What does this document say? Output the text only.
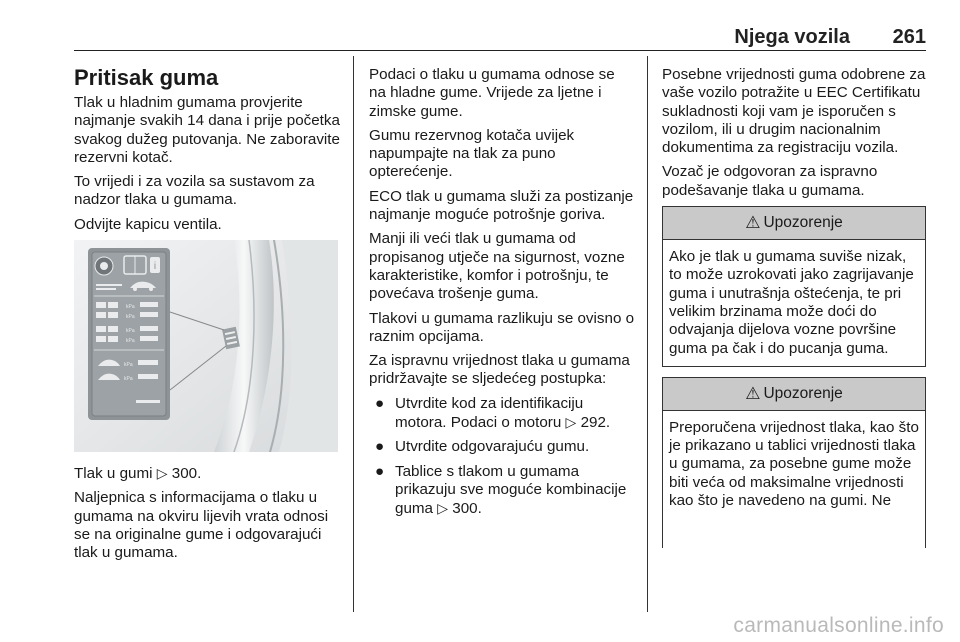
Njega vozila 261
Pritisak guma

Tlak u hladnim gumama provjerite najmanje svakih 14 dana i prije početka svakog dužeg putovanja. Ne zaboravite rezervni kotač.

To vrijedi i za vozila sa sustavom za nadzor tlaka u gumama.

Odvijte kapicu ventila.

i
kPa
kPa
kPa
kPa
kPa
kPa

Tlak u gumi ▷ 300.

Naljepnica s informacijama o tlaku u gumama na okviru lijevih vrata odnosi se na originalne gume i odgovarajući tlak u gumama.

Podaci o tlaku u gumama odnose se na hladne gume. Vrijede za ljetne i zimske gume.

Gumu rezervnog kotača uvijek napumpajte na tlak za puno opterećenje.

ECO tlak u gumama služi za postizanje najmanje moguće potrošnje goriva.

Manji ili veći tlak u gumama od propisanog utječe na sigurnost, vozne karakteristike, komfor i potrošnju, te povećava trošenje guma.

Tlakovi u gumama razlikuju se ovisno o raznim opcijama.

Za ispravnu vrijednost tlaka u gumama pridržavajte se sljedećeg postupka:

● Utvrdite kod za identifikaciju motora. Podaci o motoru ▷ 292.
● Utvrdite odgovarajuću gumu.
● Tablice s tlakom u gumama prikazuju sve moguće kombinacije guma ▷ 300.

Posebne vrijednosti guma odobrene za vaše vozilo potražite u EEC Certifikatu sukladnosti koji vam je isporučen s vozilom, ili u drugim nacionalnim dokumentima za registraciju vozila.

Vozač je odgovoran za ispravno podešavanje tlaka u gumama.

⚠ Upozorenje
Ako je tlak u gumama suviše nizak, to može uzrokovati jako zagrijavanje guma i unutrašnja oštećenja, te pri velikim brzinama može doći do odvajanja dijelova vozne površine guma pa čak i do pucanja guma.
⚠ Upozorenje
Preporučena vrijednost tlaka, kao što je prikazano u tablici vrijednosti tlaka u gumama, za posebne gume može biti veća od maksimalne vrijednosti kao što je navedeno na gumi. Ne
carmanualsonline.info
